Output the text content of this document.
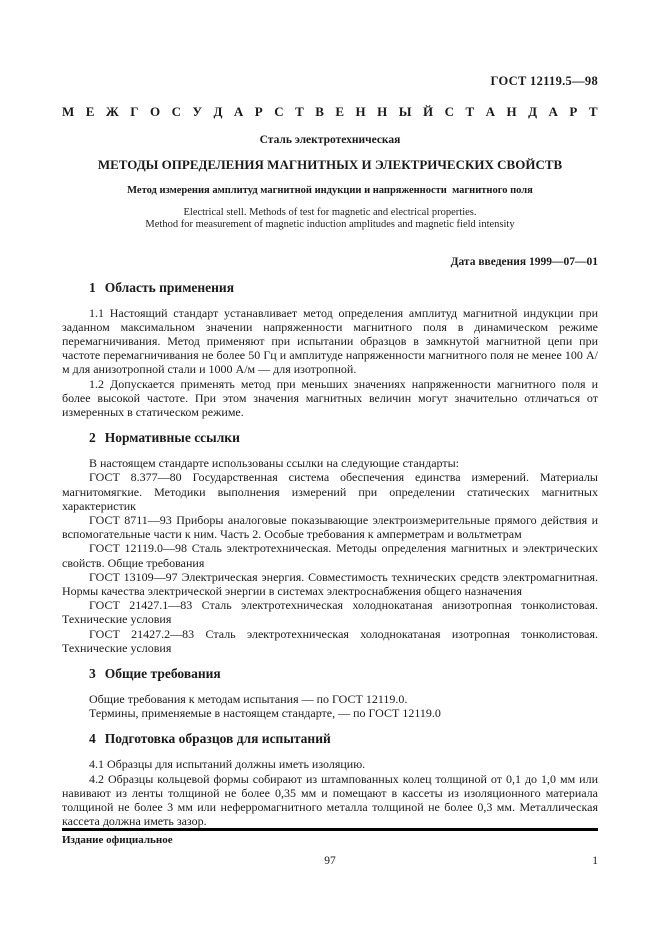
ГОСТ 12119.5—98
М Е Ж Г О С У Д А Р С Т В Е Н Н Ы Й С Т А Н Д А Р Т
Сталь электротехническая
МЕТОДЫ ОПРЕДЕЛЕНИЯ МАГНИТНЫХ И ЭЛЕКТРИЧЕСКИХ СВОЙСТВ
Метод измерения амплитуд магнитной индукции и напряженности  магнитного поля
Electrical stell. Methods of test for magnetic and electrical properties.
Method for measurement of magnetic induction amplitudes and magnetic field intensity
Дата введения 1999—07—01
1 Область применения

1.1 Настоящий стандарт устанавливает метод определения амплитуд магнитной индукции при заданном максимальном значении напряженности магнитного поля в динамическом режиме перемагничивания. Метод применяют при испытании образцов в замкнутой магнитной цепи при частоте перемагничивания не более 50 Гц и амплитуде напряженности магнитного поля не менее 100 А/м для анизотропной стали и 1000 А/м — для изотропной.

1.2 Допускается применять метод при меньших значениях напряженности магнитного поля и более высокой частоте. При этом значения магнитных величин могут значительно отличаться от измеренных в статическом режиме.

2 Нормативные ссылки

В настоящем стандарте использованы ссылки на следующие стандарты:

ГОСТ 8.377—80 Государственная система обеспечения единства измерений. Материалы магнитомягкие. Методики выполнения измерений при определении статических магнитных характеристик

ГОСТ 8711—93 Приборы аналоговые показывающие электроизмерительные прямого действия и вспомогательные части к ним. Часть 2. Особые требования к амперметрам и вольтметрам

ГОСТ 12119.0—98 Сталь электротехническая. Методы определения магнитных и электрических свойств. Общие требования

ГОСТ 13109—97 Электрическая энергия. Совместимость технических средств электромагнитная. Нормы качества электрической энергии в системах электроснабжения общего назначения

ГОСТ 21427.1—83 Сталь электротехническая холоднокатаная анизотропная тонколистовая. Технические условия

ГОСТ 21427.2—83 Сталь электротехническая холоднокатаная изотропная тонколистовая. Технические условия

3 Общие требования

Общие требования к методам испытания — по ГОСТ 12119.0.

Термины, применяемые в настоящем стандарте, — по ГОСТ 12119.0

4 Подготовка образцов для испытаний

4.1 Образцы для испытаний должны иметь изоляцию.

4.2 Образцы кольцевой формы собирают из штампованных колец толщиной от 0,1 до 1,0 мм или навивают из ленты толщиной не более 0,35 мм и помещают в кассеты из изоляционного материала толщиной не более 3 мм или неферромагнитного металла толщиной не более 0,3 мм. Металлическая кассета должна иметь зазор.

Издание официальное
97	1
